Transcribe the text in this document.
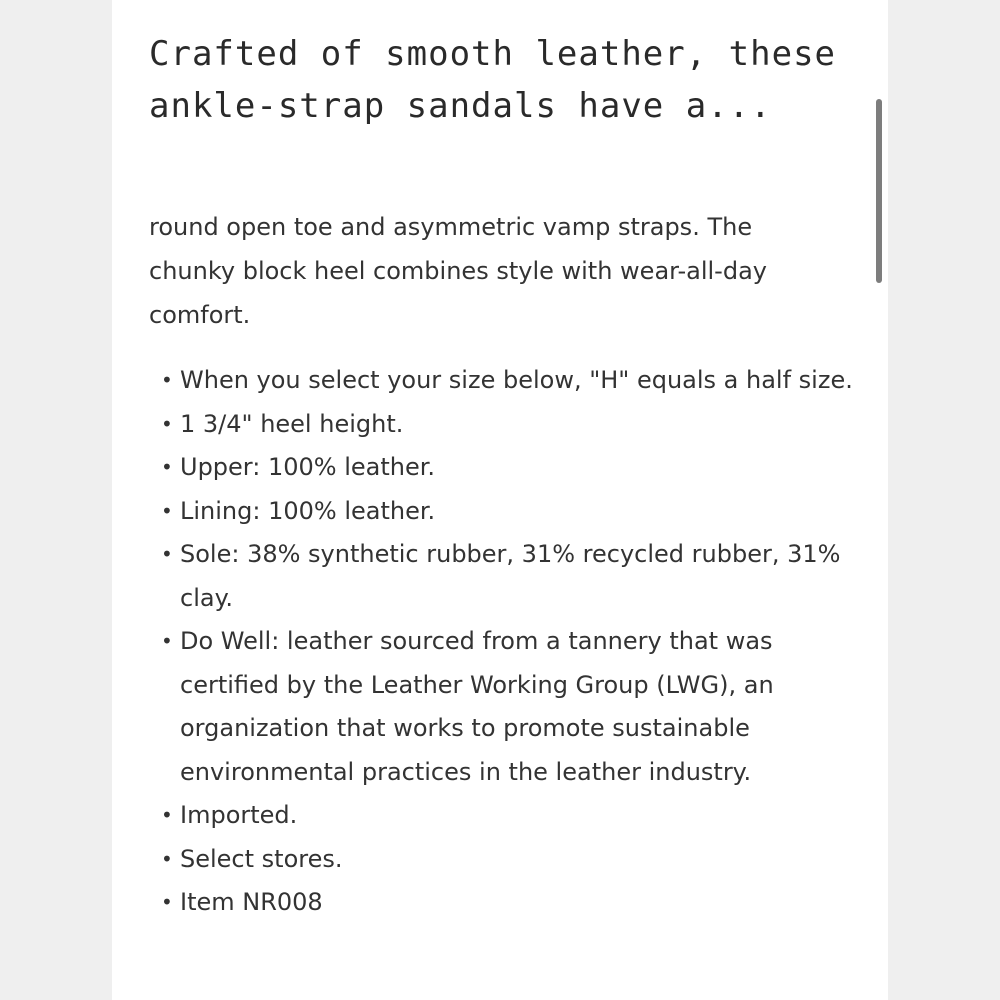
Crafted of smooth leather, these ankle-strap sandals have a...

round open toe and asymmetric vamp straps. The chunky block heel combines style with wear-all-day comfort.

• When you select your size below, "H" equals a half size.
• 1 3/4" heel height.
• Upper: 100% leather.
• Lining: 100% leather.
• Sole: 38% synthetic rubber, 31% recycled rubber, 31% clay.
• Do Well: leather sourced from a tannery that was certified by the Leather Working Group (LWG), an organization that works to promote sustainable environmental practices in the leather industry.
• Imported.
• Select stores.
• Item NR008
